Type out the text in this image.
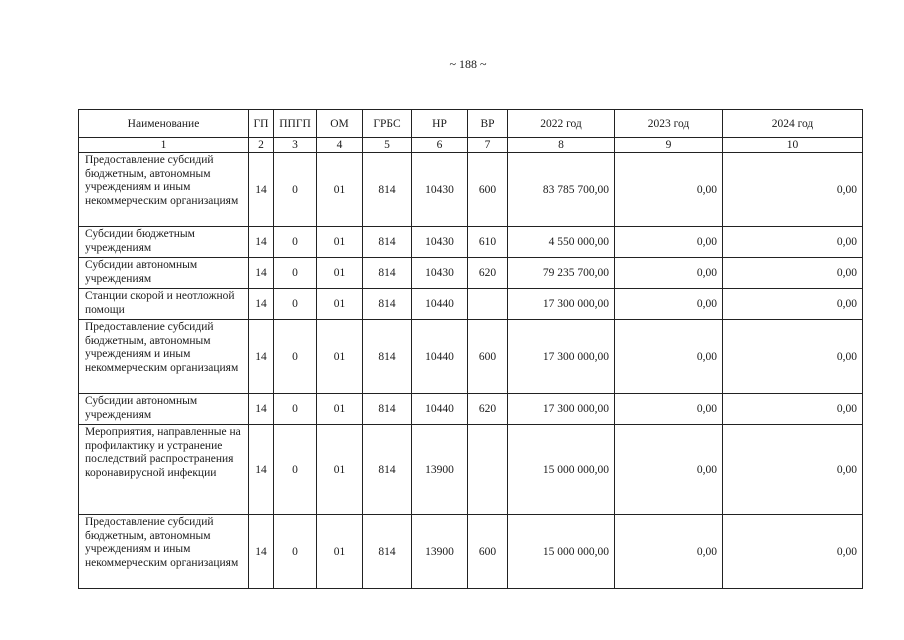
~ 188 ~
Наименование	ГП	ППГП	ОМ	ГРБС	НР	ВР	2022 год	2023 год	2024 год
1	2	3	4	5	6	7	8	9	10
Предоставление субсидий бюджетным, автономным учреждениям и иным некоммерческим организациям	14	0	01	814	10430	600	83 785 700,00	0,00	0,00
Субсидии бюджетным учреждениям	14	0	01	814	10430	610	4 550 000,00	0,00	0,00
Субсидии автономным учреждениям	14	0	01	814	10430	620	79 235 700,00	0,00	0,00
Станции скорой и неотложной помощи	14	0	01	814	10440		17 300 000,00	0,00	0,00
Предоставление субсидий бюджетным, автономным учреждениям и иным некоммерческим организациям	14	0	01	814	10440	600	17 300 000,00	0,00	0,00
Субсидии автономным учреждениям	14	0	01	814	10440	620	17 300 000,00	0,00	0,00
Мероприятия, направленные на профилактику и устранение последствий распространения коронавирусной инфекции	14	0	01	814	13900		15 000 000,00	0,00	0,00
Предоставление субсидий бюджетным, автономным учреждениям и иным некоммерческим организациям	14	0	01	814	13900	600	15 000 000,00	0,00	0,00
